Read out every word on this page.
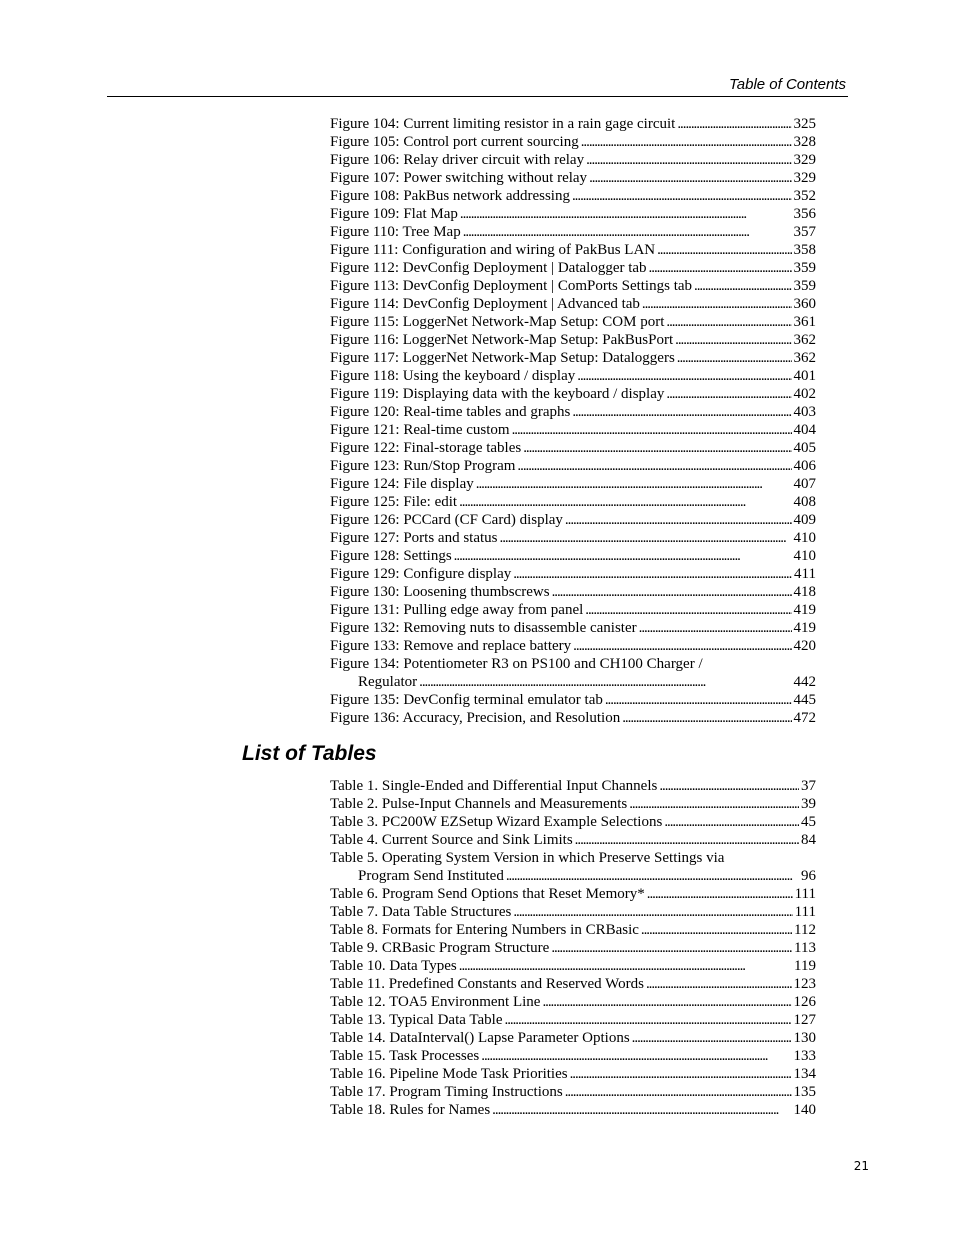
Table of Contents
Figure 104: Current limiting resistor in a rain gage circuit . . .	325
Figure 105: Control port current sourcing . . .	328
Figure 106: Relay driver circuit with relay . . .	329
Figure 107: Power switching without relay . . .	329
Figure 108: PakBus network addressing . . .	352
Figure 109: Flat Map . . .	356
Figure 110: Tree Map . . .	357
Figure 111: Configuration and wiring of PakBus LAN . . .	358
Figure 112: DevConfig Deployment | Datalogger tab . . .	359
Figure 113: DevConfig Deployment | ComPorts Settings tab . . .	359
Figure 114: DevConfig Deployment | Advanced tab . . .	360
Figure 115: LoggerNet Network-Map Setup: COM port . . .	361
Figure 116: LoggerNet Network-Map Setup: PakBusPort . . .	362
Figure 117: LoggerNet Network-Map Setup: Dataloggers . . .	362
Figure 118: Using the keyboard / display . . .	401
Figure 119: Displaying data with the keyboard / display . . .	402
Figure 120: Real-time tables and graphs . . .	403
Figure 121: Real-time custom . . .	404
Figure 122: Final-storage tables . . .	405
Figure 123: Run/Stop Program . . .	406
Figure 124: File display . . .	407
Figure 125: File: edit . . .	408
Figure 126: PCCard (CF Card) display . . .	409
Figure 127: Ports and status . . .	410
Figure 128: Settings . . .	410
Figure 129: Configure display . . .	411
Figure 130: Loosening thumbscrews . . .	418
Figure 131: Pulling edge away from panel . . .	419
Figure 132: Removing nuts to disassemble canister . . .	419
Figure 133: Remove and replace battery . . .	420
Figure 134: Potentiometer R3 on PS100 and CH100 Charger /
Regulator . . .	442
Figure 135: DevConfig terminal emulator tab . . .	445
Figure 136: Accuracy, Precision, and Resolution . . .	472
List of Tables
Table 1. Single-Ended and Differential Input Channels . . .	37
Table 2. Pulse-Input Channels and Measurements . . .	39
Table 3. PC200W EZSetup Wizard Example Selections . . .	45
Table 4. Current Source and Sink Limits . . .	84
Table 5. Operating System Version in which Preserve Settings via
Program Send Instituted . . .	96
Table 6. Program Send Options that Reset Memory* . . .	111
Table 7. Data Table Structures . . .	111
Table 8. Formats for Entering Numbers in CRBasic . . .	112
Table 9. CRBasic Program Structure . . .	113
Table 10. Data Types . . .	119
Table 11. Predefined Constants and Reserved Words . . .	123
Table 12. TOA5 Environment Line . . .	126
Table 13. Typical Data Table . . .	127
Table 14. DataInterval() Lapse Parameter Options . . .	130
Table 15. Task Processes . . .	133
Table 16. Pipeline Mode Task Priorities . . .	134
Table 17. Program Timing Instructions . . .	135
Table 18. Rules for Names . . .	140
21
